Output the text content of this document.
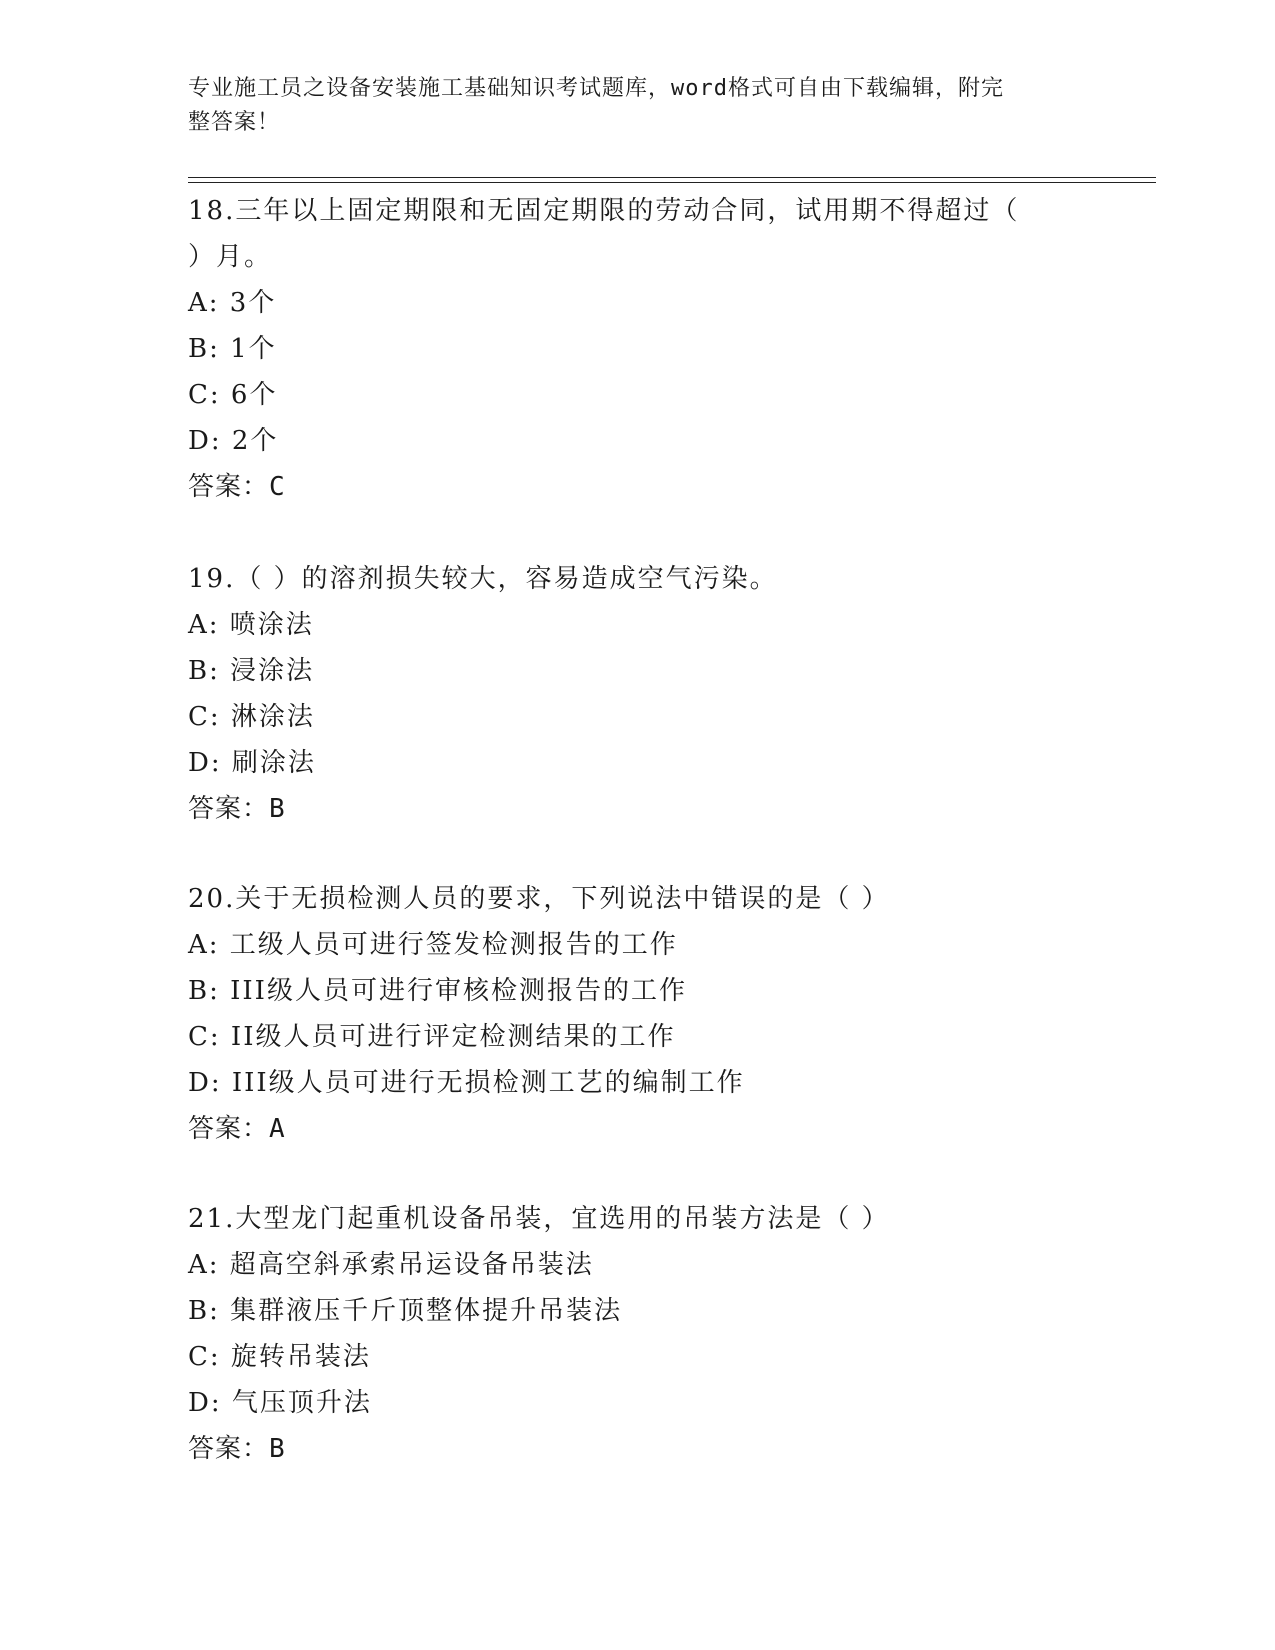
专业施工员之设备安装施工基础知识考试题库，word格式可自由下载编辑，附完
整答案！
18.三年以上固定期限和无固定期限的劳动合同，试用期不得超过（
）月。
A: 3个
B: 1个
C: 6个
D: 2个
答案：C
19.（ ）的溶剂损失较大，容易造成空气污染。
A: 喷涂法
B: 浸涂法
C: 淋涂法
D: 刷涂法
答案：B
20.关于无损检测人员的要求，下列说法中错误的是（ ）
A: 工级人员可进行签发检测报告的工作
B: III级人员可进行审核检测报告的工作
C: II级人员可进行评定检测结果的工作
D: III级人员可进行无损检测工艺的编制工作
答案：A
21.大型龙门起重机设备吊装，宜选用的吊装方法是（ ）
A: 超高空斜承索吊运设备吊装法
B: 集群液压千斤顶整体提升吊装法
C: 旋转吊装法
D: 气压顶升法
答案：B
